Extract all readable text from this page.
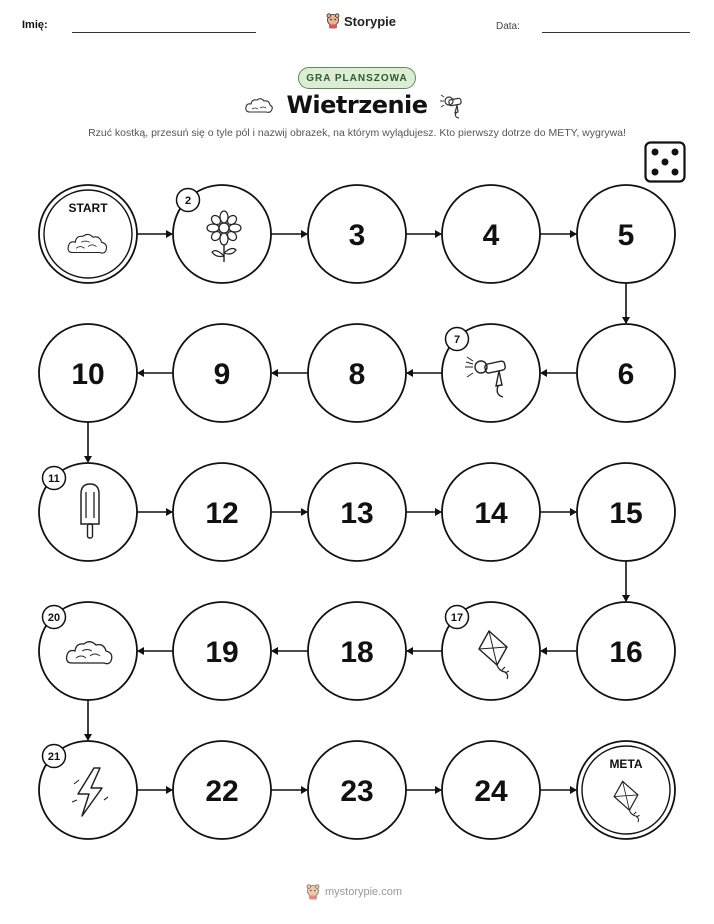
Imię:	Storypie	Data:
GRA PLANSZOWA
Wietrzenie
Rzuć kostką, przesuń się o tyle pól i nazwij obrazek, na którym wylądujesz. Kto pierwszy dotrze do METY, wygrywa!
START	2
3	4	5
6
7
8
9
10
11
12	13	14	15
16
17
18
19
20
21
22	23	24
META
mystorypie.com
